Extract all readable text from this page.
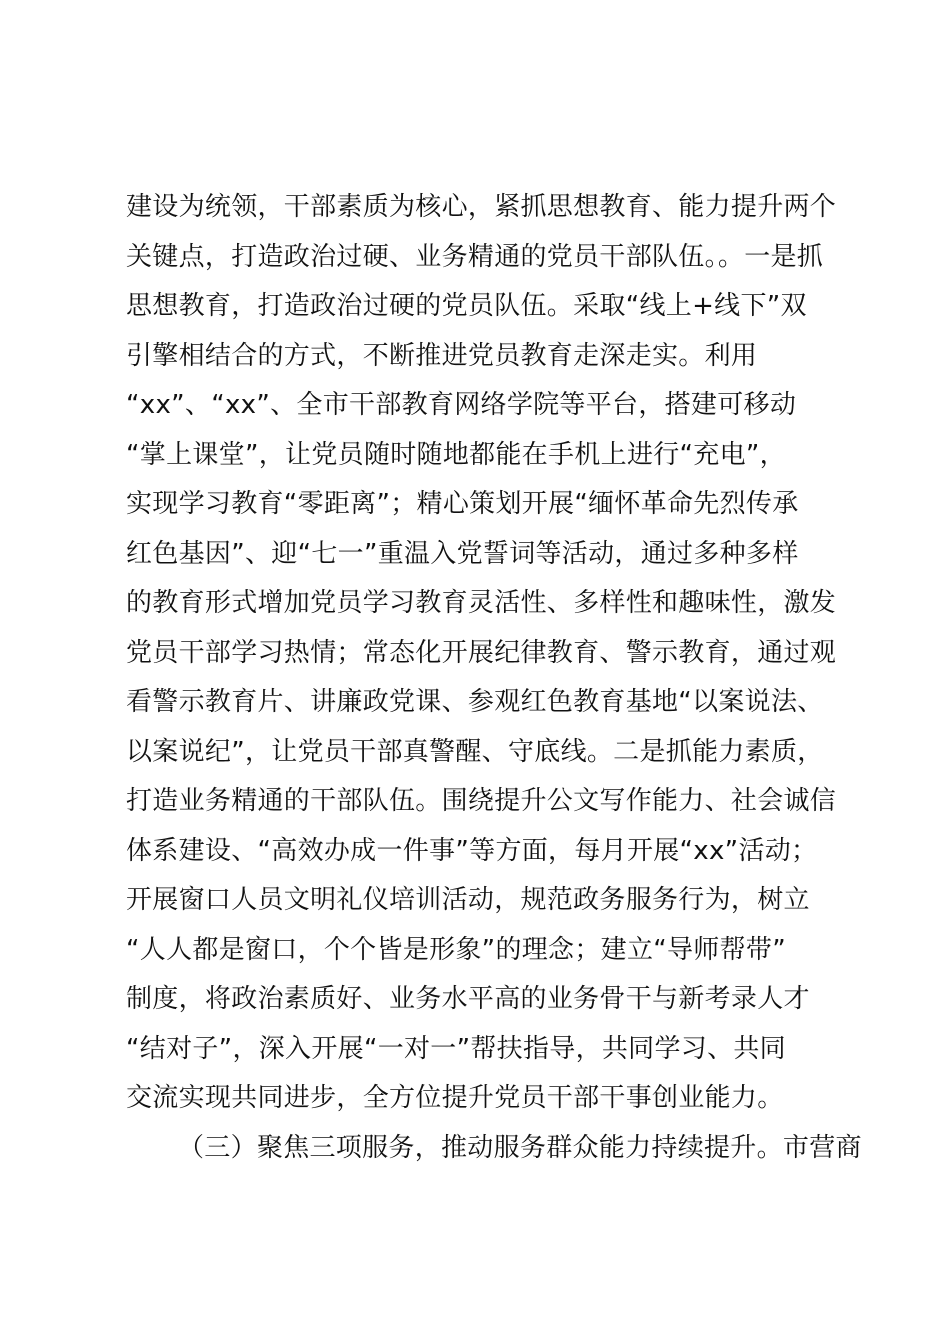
建设为统领，干部素质为核心，紧抓思想教育、能力提升两个
关键点，打造政治过硬、业务精通的党员干部队伍。。一是抓
思想教育，打造政治过硬的党员队伍。采取“线上+线下”双
引擎相结合的方式，不断推进党员教育走深走实。利用
“xx”、“xx”、全市干部教育网络学院等平台，搭建可移动
“掌上课堂”，让党员随时随地都能在手机上进行“充电”，
实现学习教育“零距离”；精心策划开展“缅怀革命先烈传承
红色基因”、迎“七一”重温入党誓词等活动，通过多种多样
的教育形式增加党员学习教育灵活性、多样性和趣味性，激发
党员干部学习热情；常态化开展纪律教育、警示教育，通过观
看警示教育片、讲廉政党课、参观红色教育基地“以案说法、
以案说纪”，让党员干部真警醒、守底线。二是抓能力素质，
打造业务精通的干部队伍。围绕提升公文写作能力、社会诚信
体系建设、“高效办成一件事”等方面，每月开展“xx”活动；
开展窗口人员文明礼仪培训活动，规范政务服务行为，树立
“人人都是窗口，个个皆是形象”的理念；建立“导师帮带”
制度，将政治素质好、业务水平高的业务骨干与新考录人才
“结对子”，深入开展“一对一”帮扶指导，共同学习、共同
交流实现共同进步，全方位提升党员干部干事创业能力。
（三）聚焦三项服务，推动服务群众能力持续提升。市营商
